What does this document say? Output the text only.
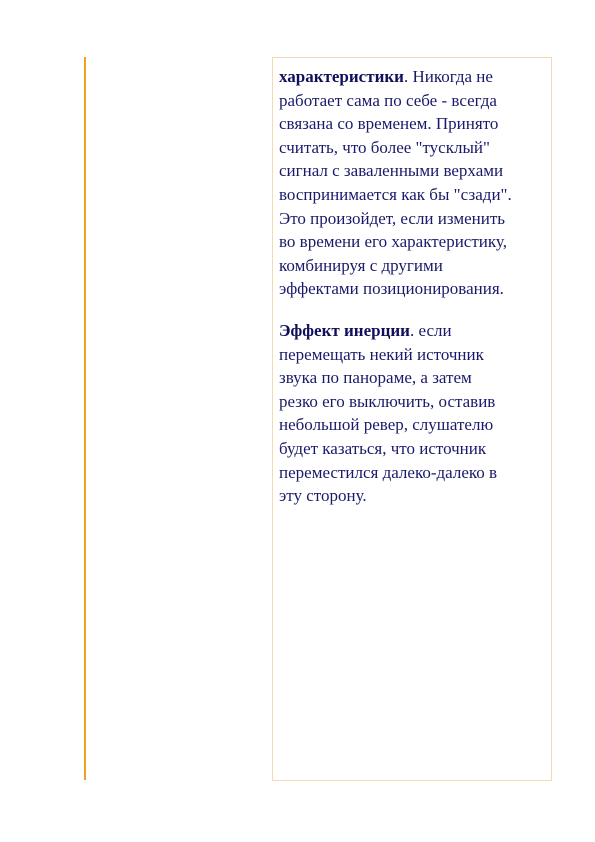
характеристики. Никогда не
работает сама по себе - всегда
связана со временем. Принято
считать, что более "тусклый"
сигнал с заваленными верхами
воспринимается как бы "сзади".
Это произойдет, если изменить
во времени его характеристику,
комбинируя с другими
эффектами позиционирования.

Эффект инерции. если
перемещать некий источник
звука по панораме, а затем
резко его выключить, оставив
небольшой ревер, слушателю
будет казаться, что источник
переместился далеко-далеко в
эту сторону.
